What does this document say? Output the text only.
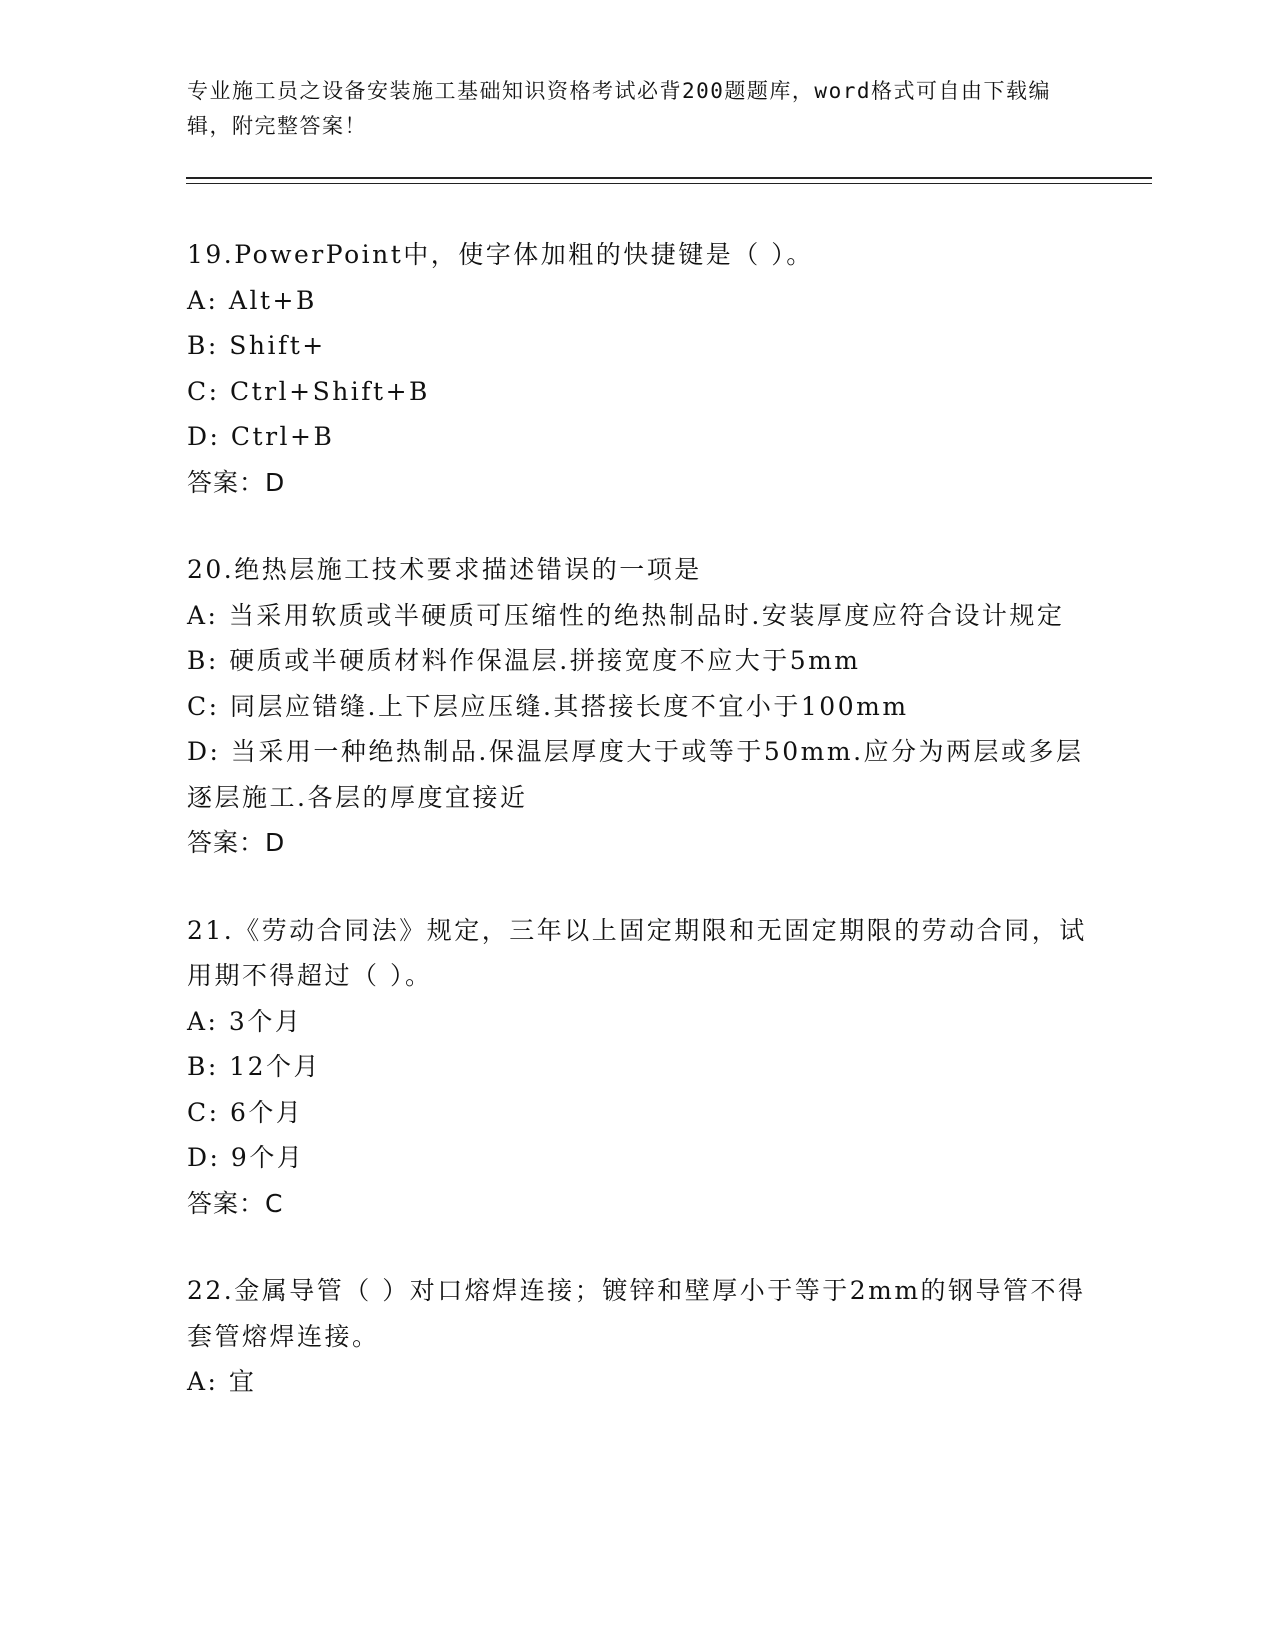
专业施工员之设备安装施工基础知识资格考试必背200题题库，word格式可自由下载编辑，附完整答案！
19.PowerPoint中，使字体加粗的快捷键是（ ）。
A: Alt+B
B: Shift+
C: Ctrl+Shift+B
D: Ctrl+B
答案：D
20.绝热层施工技术要求描述错误的一项是
A: 当采用软质或半硬质可压缩性的绝热制品时.安装厚度应符合设计规定
B: 硬质或半硬质材料作保温层.拼接宽度不应大于5mm
C: 同层应错缝.上下层应压缝.其搭接长度不宜小于100mm
D: 当采用一种绝热制品.保温层厚度大于或等于50mm.应分为两层或多层逐层施工.各层的厚度宜接近
答案：D
21.《劳动合同法》规定，三年以上固定期限和无固定期限的劳动合同，试用期不得超过（ ）。
A: 3个月
B: 12个月
C: 6个月
D: 9个月
答案：C
22.金属导管（ ）对口熔焊连接；镀锌和壁厚小于等于2mm的钢导管不得套管熔焊连接。
A: 宜
